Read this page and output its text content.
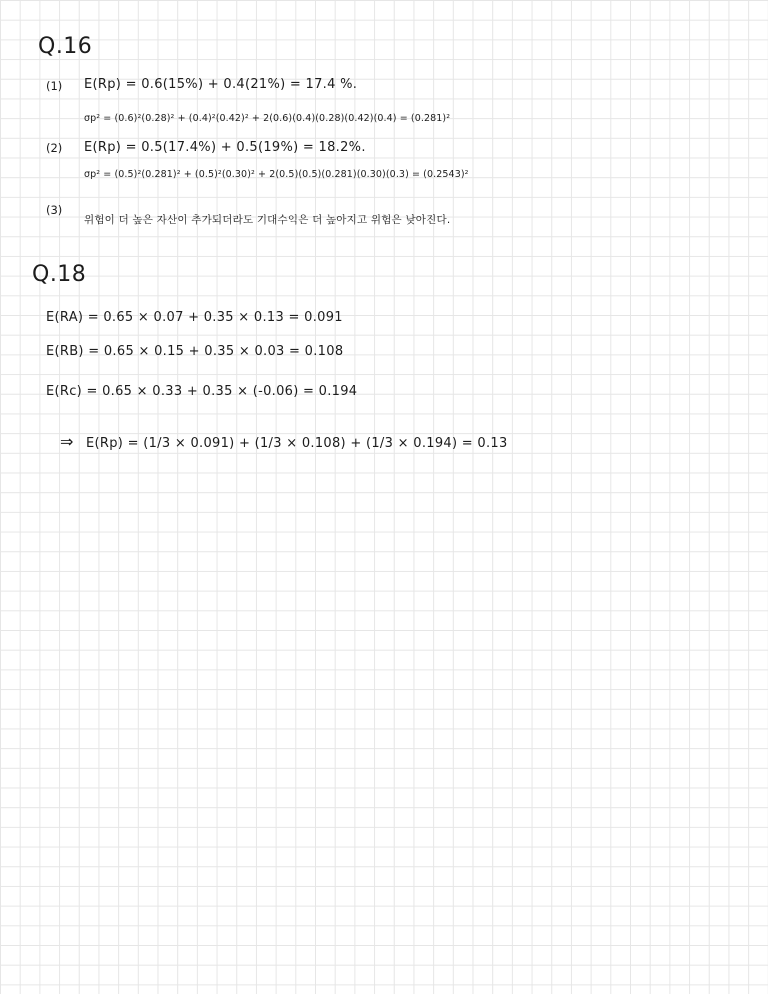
Q.16
(1) E(Rp) = 0.6(15%) + 0.4(21%) = 17.4 %.
σp² = (0.6)²(0.28)² + (0.4)²(0.42)² + 2(0.6)(0.4)(0.28)(0.42)(0.4) = (0.281)²
(2) E(Rp) = 0.5(17.4%) + 0.5(19%) = 18.2%.
σp² = (0.5)²(0.281)² + (0.5)²(0.30)² + 2(0.5)(0.5)(0.281)(0.30)(0.3) = (0.2543)²
(3)
위험이 더 높은 자산이 추가되더라도 기대수익은 더 높아지고 위험은 낮아진다.
Q.18
E(RA) = 0.65 × 0.07 + 0.35 × 0.13 = 0.091
E(RB) = 0.65 × 0.15 + 0.35 × 0.03 = 0.108
E(Rc) = 0.65 × 0.33 + 0.35 × (-0.06) = 0.194
⇒ E(Rp) = (1/3 × 0.091) + (1/3 × 0.108) + (1/3 × 0.194) = 0.13
